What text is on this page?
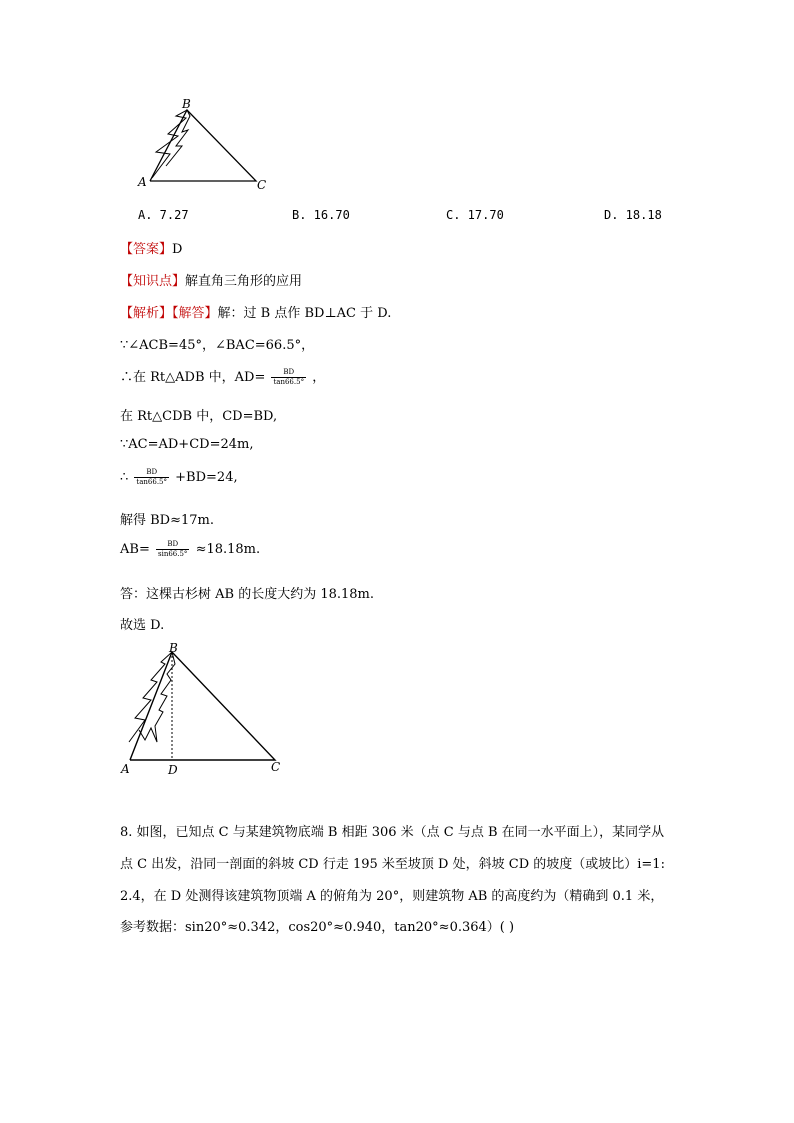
B
A	C
A. 7.27	B. 16.70	C. 17.70	D. 18.18
【答案】D
【知识点】解直角三角形的应用
【解析】【解答】解：过 B 点作 BD⊥AC 于 D.
∵∠ACB=45°，∠BAC=66.5°，
∴在 Rt△ADB 中，$AD= \frac{BD}{\tan 66.5^\circ}$ ，
在 Rt△CDB 中，CD=BD,
∵AC=AD+CD=24m,
∴ $\frac{BD}{\tan 66.5^\circ} +BD=24$,
解得 BD≈17m.
$AB= \frac{BD}{\sin 66.5^\circ} \approx 18.18m$.
答：这棵古杉树 AB 的长度大约为 18.18m.
故选 D.
B
A	D	C
8. 如图，已知点 C 与某建筑物底端 B 相距 306 米（点 C 与点 B 在同一水平面上），某同学从
点 C 出发，沿同一剖面的斜坡 CD 行走 195 米至坡顶 D 处，斜坡 CD 的坡度（或坡比）i=1:
2.4，在 D 处测得该建筑物顶端 A 的俯角为 20°，则建筑物 AB 的高度约为（精确到 0.1 米，
参考数据：sin20°≈0.342，cos20°≈0.940，tan20°≈0.364）( )
